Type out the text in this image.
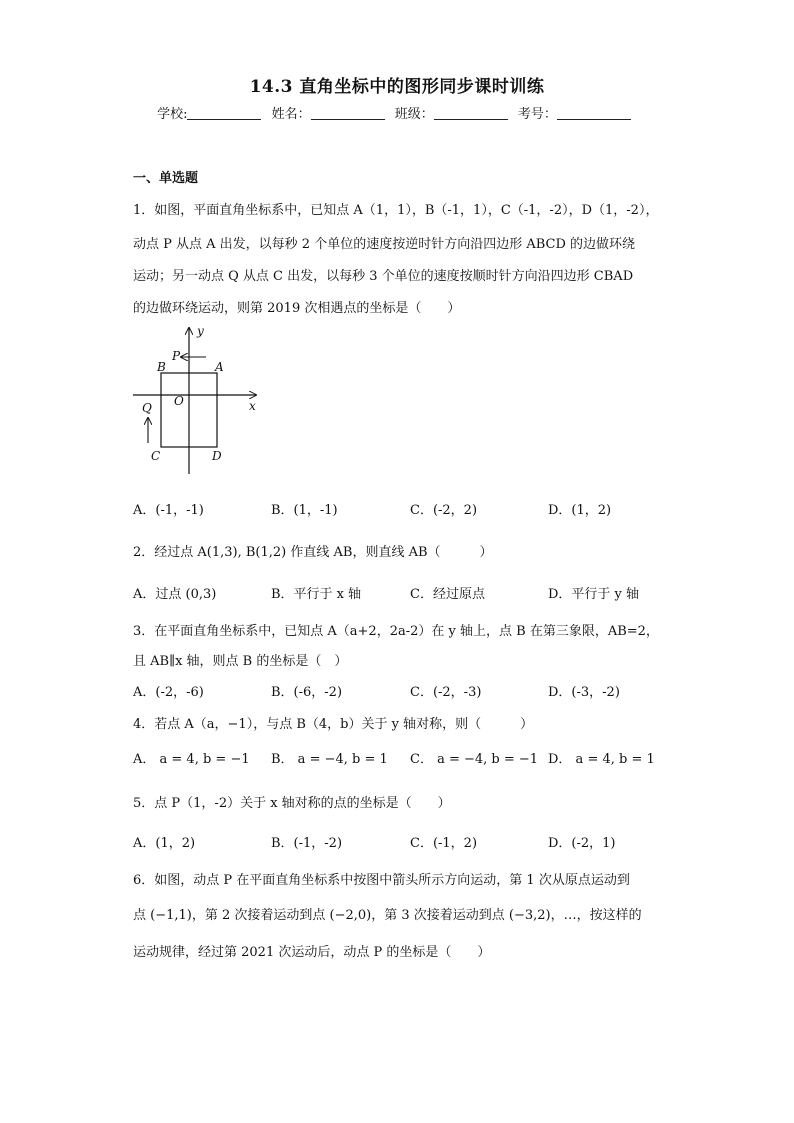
14.3 直角坐标中的图形同步课时训练
学校:	姓名：	班级：	考号：
一、单选题
1．如图，平面直角坐标系中，已知点 A（1，1），B（-1，1），C（-1，-2），D（1，-2），
动点 P 从点 A 出发，以每秒 2 个单位的速度按逆时针方向沿四边形 ABCD 的边做环绕
运动；另一动点 Q 从点 C 出发，以每秒 3 个单位的速度按顺时针方向沿四边形 CBAD
的边做环绕运动，则第 2019 次相遇点的坐标是（　　）
y
x
P
B	A
O
Q
C	D
A．(-1，-1)	B．(1，-1)	C．(-2，2)	D．(1，2)
2．经过点 A(1,3), B(1,2) 作直线 AB，则直线 AB（　　　）
A．过点 (0,3)	B．平行于 x 轴	C．经过原点	D．平行于 y 轴
3．在平面直角坐标系中，已知点 A（a+2，2a-2）在 y 轴上，点 B 在第三象限，AB=2，
且 AB∥x 轴，则点 B 的坐标是（　）
A．(-2，-6)	B．(-6，-2)	C．(-2，-3)	D．(-3，-2)
4．若点 A（a，−1），与点 B（4，b）关于 y 轴对称，则（　　　）
A． a = 4, b = −1 B． a = −4, b = 1 C． a = −4, b = −1 D． a = 4, b = 1
5．点 P（1，-2）关于 x 轴对称的点的坐标是（　　）
A．(1，2)	B．(-1，-2)	C．(-1，2)	D．(-2，1)
6．如图，动点 P 在平面直角坐标系中按图中箭头所示方向运动，第 1 次从原点运动到
点 (−1,1)，第 2 次接着运动到点 (−2,0)，第 3 次接着运动到点 (−3,2)，…，按这样的
运动规律，经过第 2021 次运动后，动点 P 的坐标是（　　）
